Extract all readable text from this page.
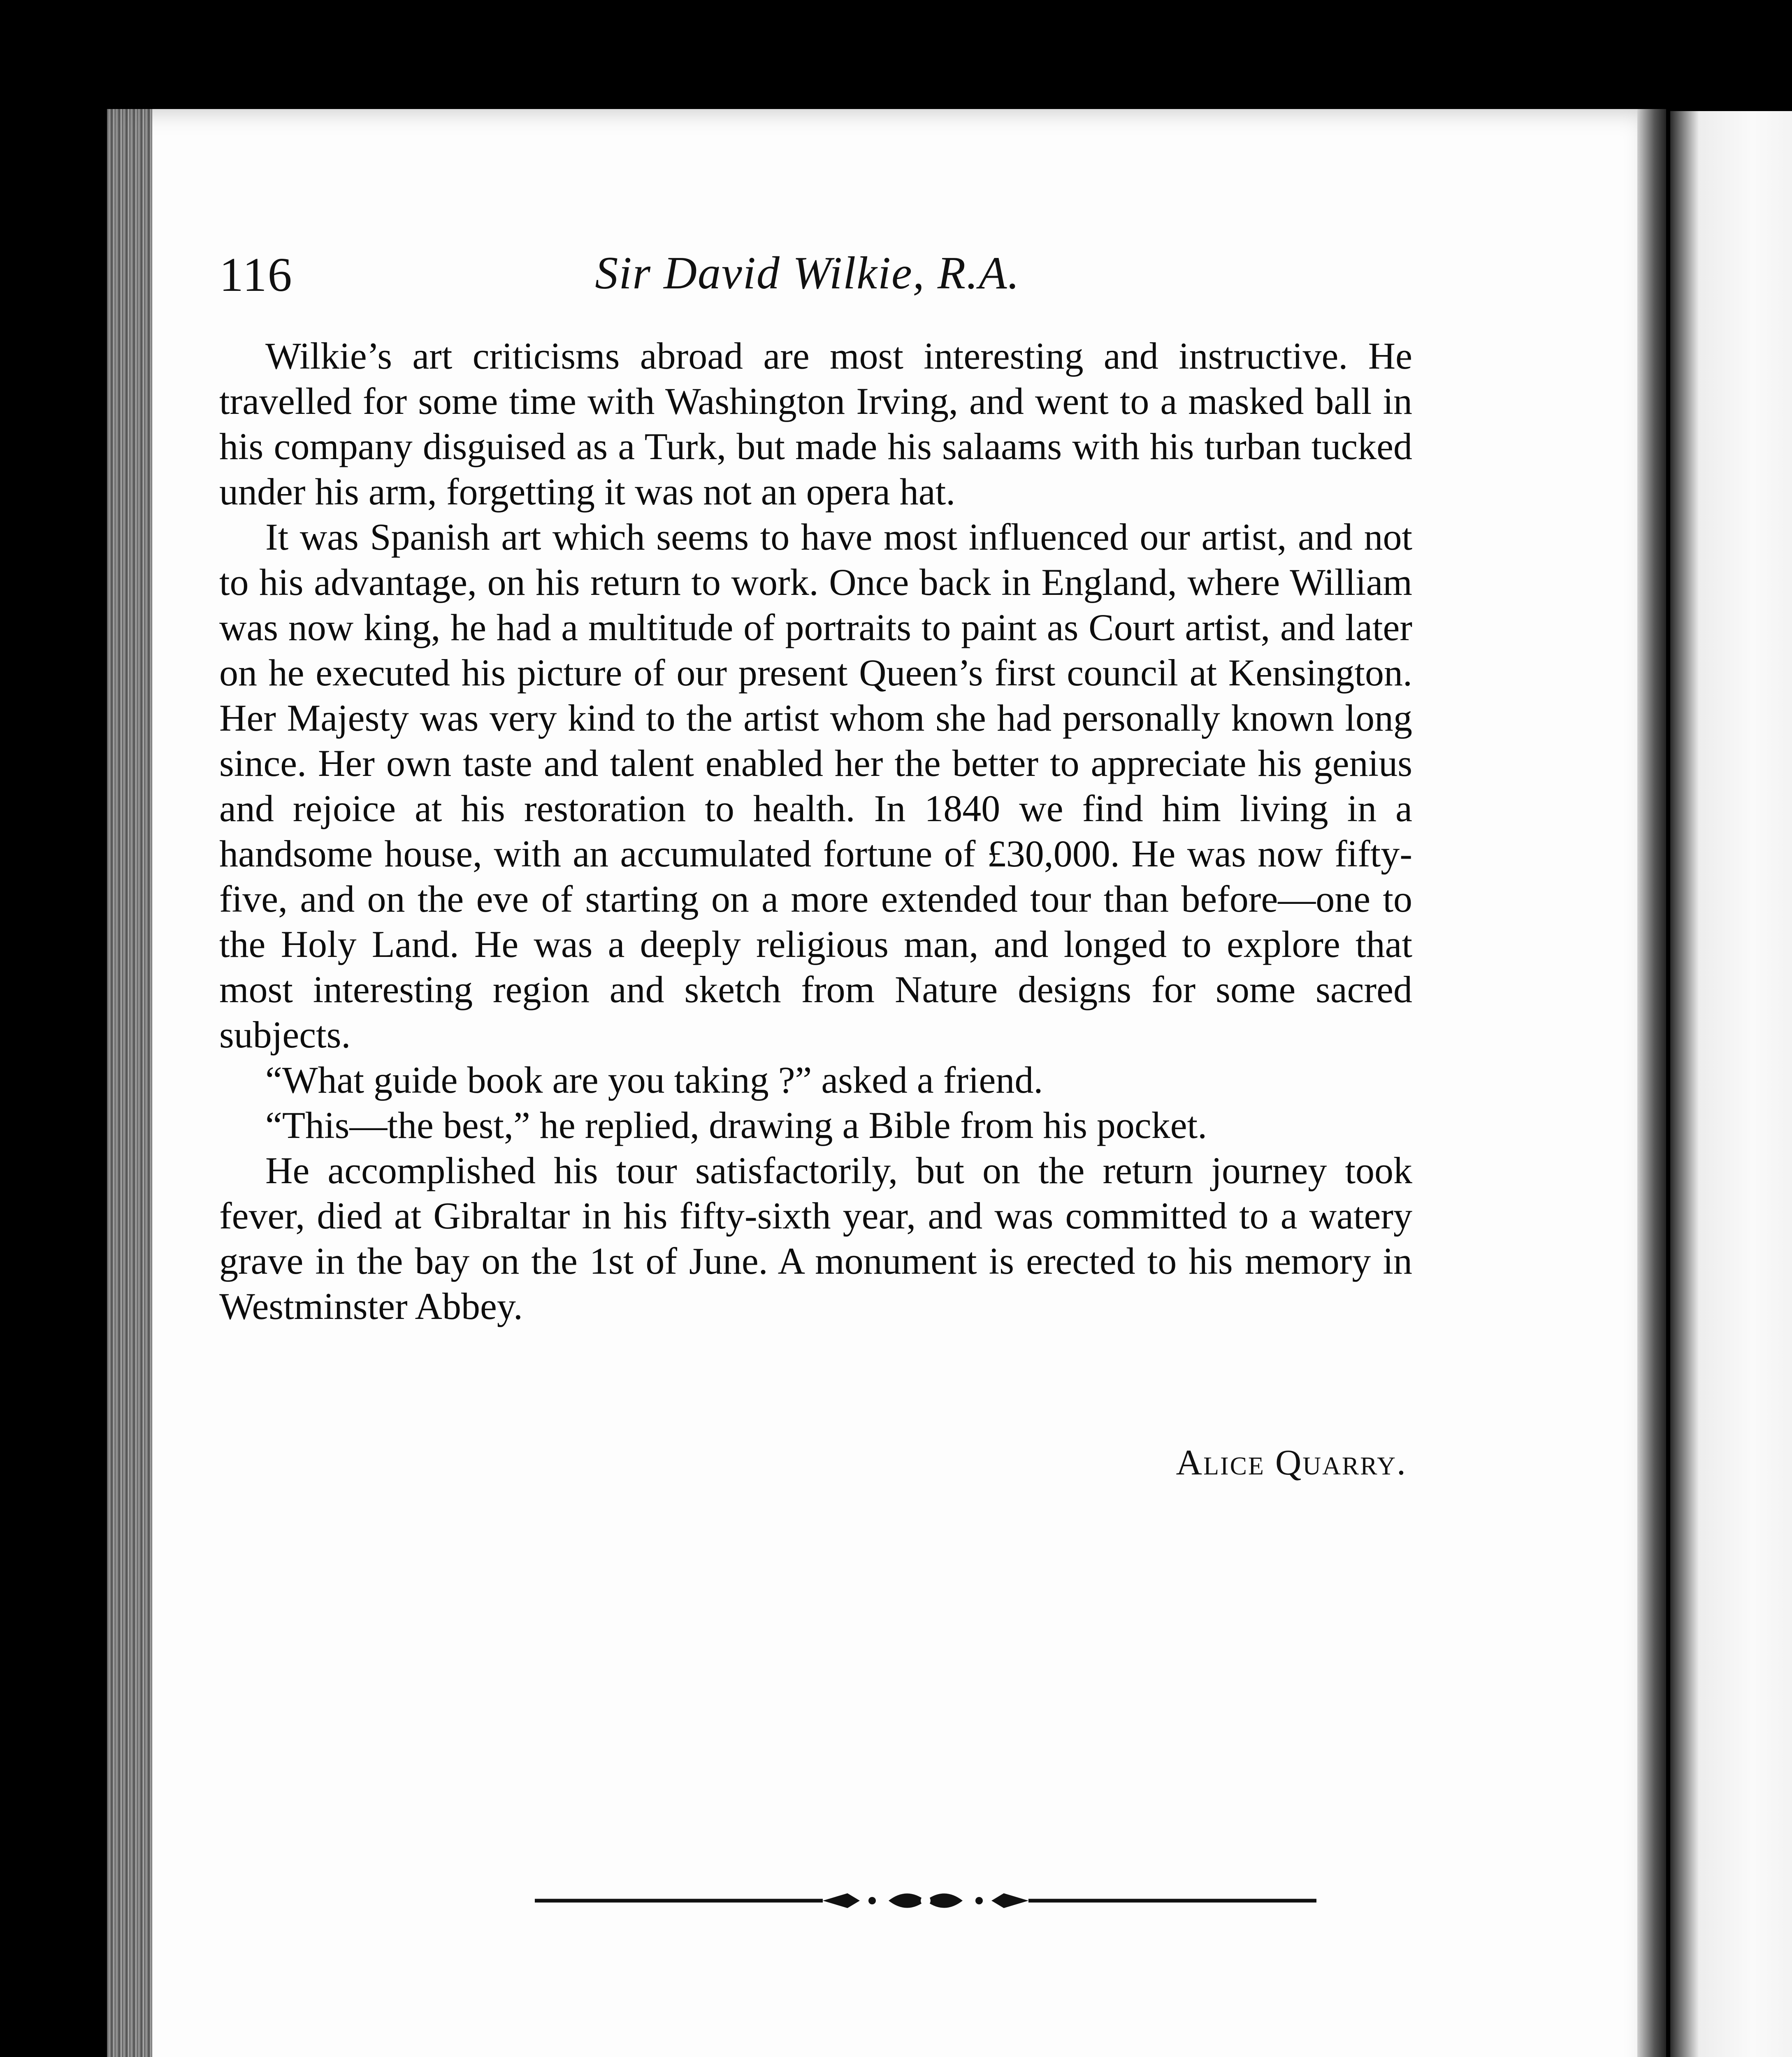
116	Sir David Wilkie, R.A.

Wilkie’s art criticisms abroad are most interesting and instructive. He travelled for some time with Washington Irving, and went to a masked ball in his company disguised as a Turk, but made his salaams with his turban tucked under his arm, forgetting it was not an opera hat.

It was Spanish art which seems to have most influenced our artist, and not to his advantage, on his return to work. Once back in England, where William was now king, he had a multitude of portraits to paint as Court artist, and later on he executed his picture of our present Queen’s first council at Kensington. Her Majesty was very kind to the artist whom she had personally known long since. Her own taste and talent enabled her the better to appreciate his genius and rejoice at his restoration to health. In 1840 we find him living in a handsome house, with an accumulated fortune of £30,000. He was now fifty-five, and on the eve of starting on a more extended tour than before—one to the Holy Land. He was a deeply religious man, and longed to explore that most interesting region and sketch from Nature designs for some sacred subjects.

“What guide book are you taking ?” asked a friend.

“This—the best,” he replied, drawing a Bible from his pocket.

He accomplished his tour satisfactorily, but on the return journey took fever, died at Gibraltar in his fifty-sixth year, and was committed to a watery grave in the bay on the 1st of June. A monument is erected to his memory in Westminster Abbey.

Alice Quarry.
